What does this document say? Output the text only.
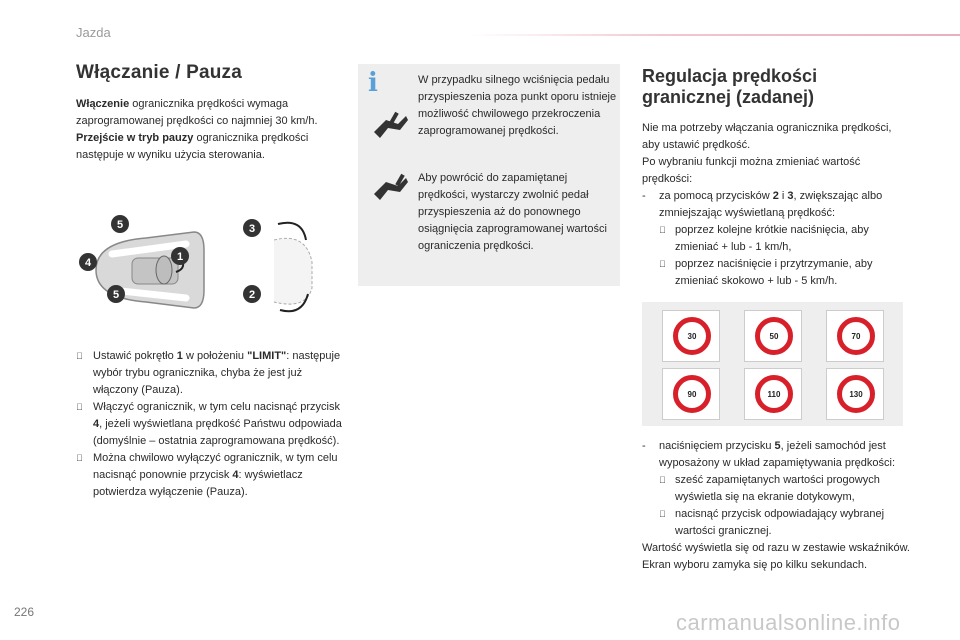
Jazda
Włączanie / Pauza
Włączenie ogranicznika prędkości wymaga zaprogramowanej prędkości co najmniej 30 km/h.
Przejście w tryb pauzy ogranicznika prędkości następuje w wyniku użycia sterowania.
5
4
5
1
3
2
Ustawić pokrętło 1 w położeniu "LIMIT": następuje wybór trybu ogranicznika, chyba że jest już włączony (Pauza).
Włączyć ogranicznik, w tym celu nacisnąć przycisk 4, jeżeli wyświetlana prędkość Państwu odpowiada (domyślnie – ostatnia zaprogramowana prędkość).
Można chwilowo wyłączyć ogranicznik, w tym celu nacisnąć ponownie przycisk 4: wyświetlacz potwierdza wyłączenie (Pauza).
i	W przypadku silnego wciśnięcia pedału przyspieszenia poza punkt oporu istnieje możliwość chwilowego przekroczenia zaprogramowanej prędkości.
Aby powrócić do zapamiętanej prędkości, wystarczy zwolnić pedał przyspieszenia aż do ponownego osiągnięcia zaprogramowanej wartości ograniczenia prędkości.
Regulacja prędkości granicznej (zadanej)
Nie ma potrzeby włączania ogranicznika prędkości, aby ustawić prędkość.
Po wybraniu funkcji można zmieniać wartość prędkości:
- za pomocą przycisków 2 i 3, zwiększając albo zmniejszając wyświetlaną prędkość:
poprzez kolejne krótkie naciśnięcia, aby zmieniać + lub - 1 km/h,
poprzez naciśnięcie i przytrzymanie, aby zmieniać skokowo + lub - 5 km/h.
30	50	70
90	110	130
- naciśnięciem przycisku 5, jeżeli samochód jest wyposażony w układ zapamiętywania prędkości:
sześć zapamiętanych wartości progowych wyświetla się na ekranie dotykowym,
nacisnąć przycisk odpowiadający wybranej wartości granicznej.
Wartość wyświetla się od razu w zestawie wskaźników.
Ekran wyboru zamyka się po kilku sekundach.
226	carmanualsonline.info
